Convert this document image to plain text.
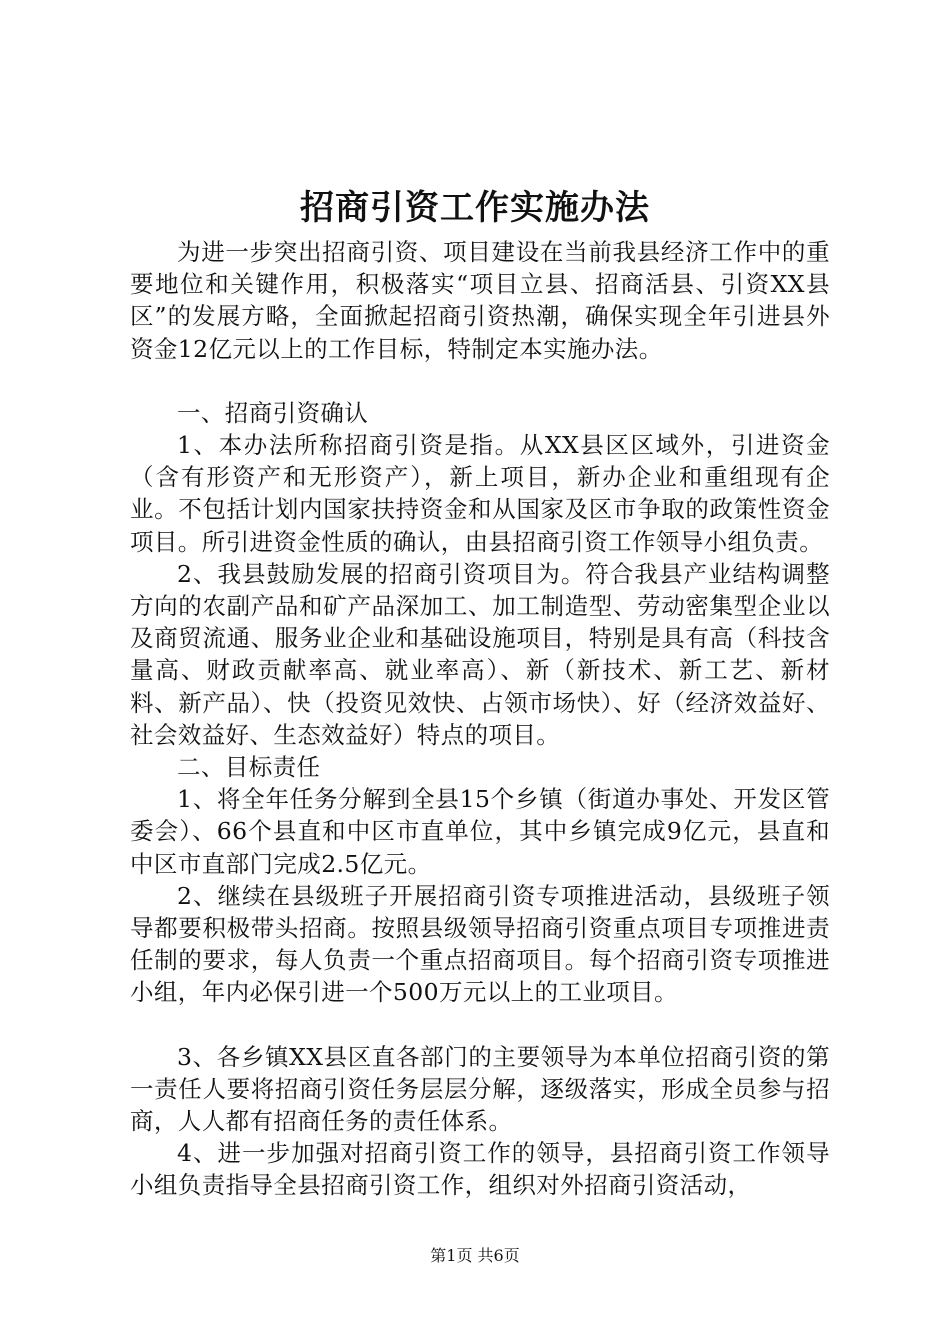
招商引资工作实施办法

为进一步突出招商引资、项目建设在当前我县经济工作中的重要地位和关键作用，积极落实“项目立县、招商活县、引资XX县区”的发展方略，全面掀起招商引资热潮，确保实现全年引进县外资金12亿元以上的工作目标，特制定本实施办法。

一、招商引资确认

1、本办法所称招商引资是指。从XX县区区域外，引进资金（含有形资产和无形资产），新上项目，新办企业和重组现有企业。不包括计划内国家扶持资金和从国家及区市争取的政策性资金项目。所引进资金性质的确认，由县招商引资工作领导小组负责。

2、我县鼓励发展的招商引资项目为。符合我县产业结构调整方向的农副产品和矿产品深加工、加工制造型、劳动密集型企业以及商贸流通、服务业企业和基础设施项目，特别是具有高（科技含量高、财政贡献率高、就业率高）、新（新技术、新工艺、新材料、新产品）、快（投资见效快、占领市场快）、好（经济效益好、社会效益好、生态效益好）特点的项目。

二、目标责任

1、将全年任务分解到全县15个乡镇（街道办事处、开发区管委会）、66个县直和中区市直单位，其中乡镇完成9亿元，县直和中区市直部门完成2.5亿元。

2、继续在县级班子开展招商引资专项推进活动，县级班子领导都要积极带头招商。按照县级领导招商引资重点项目专项推进责任制的要求，每人负责一个重点招商项目。每个招商引资专项推进小组，年内必保引进一个500万元以上的工业项目。

3、各乡镇XX县区直各部门的主要领导为本单位招商引资的第一责任人要将招商引资任务层层分解，逐级落实，形成全员参与招商，人人都有招商任务的责任体系。

4、进一步加强对招商引资工作的领导，县招商引资工作领导小组负责指导全县招商引资工作，组织对外招商引资活动，

第1页 共6页
